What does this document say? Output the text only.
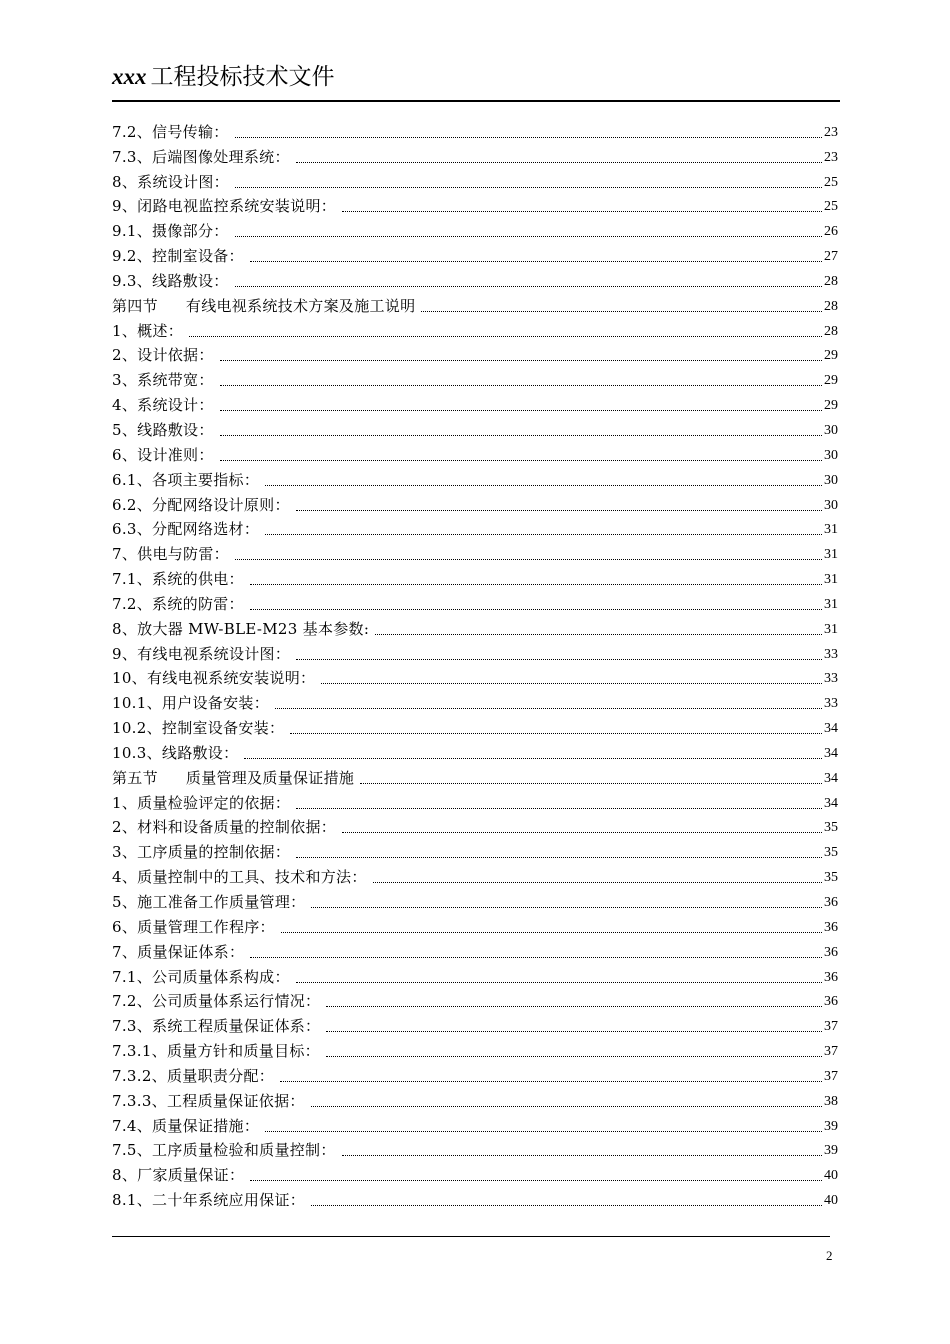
xxx 工程投标技术文件
7.2、信号传输：	23
7.3、后端图像处理系统：	23
8、系统设计图：	25
9、闭路电视监控系统安装说明：	25
9.1、摄像部分：	26
9.2、控制室设备：	27
9.3、线路敷设：	28
第四节 有线电视系统技术方案及施工说明	28
1、概述：	28
2、设计依据：	29
3、系统带宽：	29
4、系统设计：	29
5、线路敷设：	30
6、设计准则：	30
6.1、各项主要指标：	30
6.2、分配网络设计原则：	30
6.3、分配网络选材：	31
7、供电与防雷：	31
7.1、系统的供电：	31
7.2、系统的防雷：	31
8、放大器 MW-BLE-M23 基本参数:	31
9、有线电视系统设计图：	33
10、有线电视系统安装说明：	33
10.1、用户设备安装：	33
10.2、控制室设备安装：	34
10.3、线路敷设：	34
第五节 质量管理及质量保证措施	34
1、质量检验评定的依据：	34
2、材料和设备质量的控制依据：	35
3、工序质量的控制依据：	35
4、质量控制中的工具、技术和方法：	35
5、施工准备工作质量管理：	36
6、质量管理工作程序：	36
7、质量保证体系：	36
7.1、公司质量体系构成：	36
7.2、公司质量体系运行情况：	36
7.3、系统工程质量保证体系：	37
7.3.1、质量方针和质量目标：	37
7.3.2、质量职责分配：	37
7.3.3、工程质量保证依据：	38
7.4、质量保证措施：	39
7.5、工序质量检验和质量控制：	39
8、厂家质量保证：	40
8.1、二十年系统应用保证：	40
2
